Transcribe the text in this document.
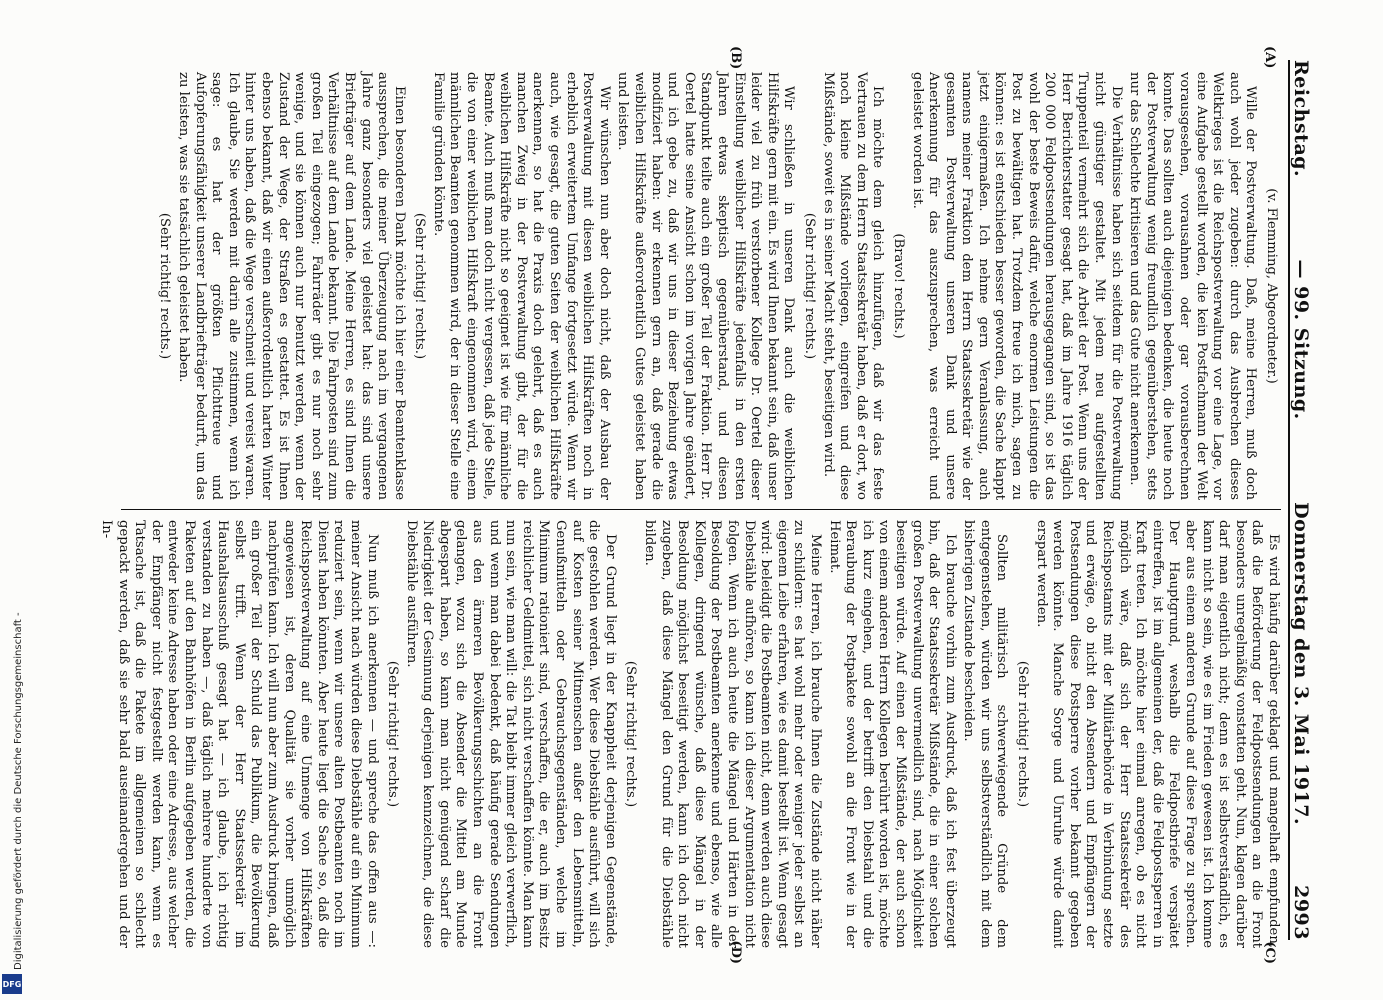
Reichstag.
— 99. Sitzung.
Donnerstag den 3. Mai 1917.
2993
(A)
(B)
(C)
(D)

(v. Flemming, Abgeordneter.)

Wille der Postverwaltung. Daß, meine Herren, muß doch auch wohl jeder zugeben: durch das Ausbrechen dieses Weltkrieges ist die Reichspostverwaltung vor eine Lage, vor eine Aufgabe gestellt worden, die kein Postfachmann der Welt vorausgesehen, vorausahnen oder gar vorausberechnen konnte. Das sollten auch diejenigen bedenken, die heute noch der Postverwaltung wenig freundlich gegenüberstehen, stets nur das Schlechte kritisieren und das Gute nicht anerkennen.

Die Verhältnisse haben sich seitdem für die Postverwaltung nicht günstiger gestaltet. Mit jedem neu aufgestellten Truppenteil vermehrt sich die Arbeit der Post. Wenn uns der Herr Berichterstatter gesagt hat, daß im Jahre 1916 täglich 200 000 Feldpostsendungen herausgegangen sind, so ist das wohl der beste Beweis dafür, welche enormen Leistungen die Post zu bewältigen hat. Trotzdem freue ich mich, sagen zu können: es ist entschieden besser geworden, die Sache klappt jetzt einigermaßen. Ich nehme gern Veranlassung, auch namens meiner Fraktion dem Herrn Staatssekretär wie der gesamten Postverwaltung unseren Dank und unsere Anerkennung für das auszusprechen, was erreicht und geleistet worden ist.

(Bravo! rechts.)

Ich möchte dem gleich hinzufügen, daß wir das feste Vertrauen zu dem Herrn Staatssekretär haben, daß er dort, wo noch kleine Mißstände vorliegen, eingreifen und diese Mißstände, soweit es in seiner Macht steht, beseitigen wird.

(Sehr richtig! rechts.)

Wir schließen in unseren Dank auch die weiblichen Hilfskräfte gern mit ein. Es wird Ihnen bekannt sein, daß unser leider viel zu früh verstorbener Kollege Dr. Oertel dieser Einstellung weiblicher Hilfskräfte jedenfalls in den ersten Jahren etwas skeptisch gegenüberstand, und diesen Standpunkt teilte auch ein großer Teil der Fraktion. Herr Dr. Oertel hatte seine Ansicht schon im vorigen Jahre geändert, und ich gebe zu, daß wir uns in dieser Beziehung etwas modifiziert haben: wir erkennen gern an, daß gerade die weiblichen Hilfskräfte außerordentlich Gutes geleistet haben und leisten.

Wir wünschen nun aber doch nicht, daß der Ausbau der Postverwaltung mit diesen weiblichen Hilfskräften noch in erheblich erweitertem Umfange fortgesetzt würde. Wenn wir auch, wie gesagt, die guten Seiten der weiblichen Hilfskräfte anerkennen, so hat die Praxis doch gelehrt, daß es auch manchen Zweig in der Postverwaltung gibt, der für die weiblichen Hilfskräfte nicht so geeignet ist wie für männliche Beamte. Auch muß man doch nicht vergessen, daß jede Stelle, die von einer weiblichen Hilfskraft eingenommen wird, einem männlichen Beamten genommen wird, der in dieser Stelle eine Familie gründen könnte.

(Sehr richtig! rechts.)

Einen besonderen Dank möchte ich hier einer Beamtenklasse aussprechen, die meiner Überzeugung nach im vergangenen Jahre ganz besonders viel geleistet hat: das sind unsere Briefträger auf dem Lande. Meine Herren, es sind Ihnen die Verhältnisse auf dem Lande bekannt. Die Fahrposten sind zum großen Teil eingezogen; Fahrräder gibt es nur noch sehr wenige, und sie können auch nur benutzt werden, wenn der Zustand der Wege, der Straßen es gestattet. Es ist Ihnen ebenso bekannt, daß wir einen außerordentlich harten Winter hinter uns haben, daß die Wege verschneit und vereist waren. Ich glaube, Sie werden mit darin alle zustimmen, wenn ich sage: es hat der größten Pflichttreue und Aufopferungsfähigkeit unserer Landbriefträger bedurft, um das zu leisten, was sie tatsächlich geleistet haben.

(Sehr richtig! rechts.)

Es wird häufig darüber geklagt und mangelhaft empfunden, daß die Beförderung der Feldpostsendungen an die Front besonders unregelmäßig vonstatten geht. Nun, klagen darüber darf man eigentlich nicht; denn es ist selbstverständlich, es kann nicht so sein, wie es im Frieden gewesen ist. Ich komme aber aus einem anderen Grunde auf diese Frage zu sprechen. Der Hauptgrund, weshalb die Feldpostbriefe verspätet eintreffen, ist im allgemeinen der, daß die Feldpostsperren in Kraft treten. Ich möchte hier einmal anregen, ob es nicht möglich wäre, daß sich der Herr Staatssekretär des Reichspostamts mit der Militärbehörde in Verbindung setzte und erwäge, ob nicht den Absendern und Empfängern der Postsendungen diese Postsperre vorher bekannt gegeben werden könnte. Manche Sorge und Unruhe würde damit erspart werden.

(Sehr richtig! rechts.)

Sollten militärisch schwerwiegende Gründe dem entgegenstehen, würden wir uns selbstverständlich mit dem bisherigen Zustande bescheiden.

Ich brauche vorhin zum Ausdruck, daß ich fest überzeugt bin, daß der Staatssekretär Mißstände, die in einer solchen großen Postverwaltung unvermeidlich sind, nach Möglichkeit beseitigen würde. Auf einen der Mißstände, der auch schon von einem anderen Herrn Kollegen berührt worden ist, möchte ich kurz eingehen, und der betrifft den Diebstahl und die Beraubung der Postpakete sowohl an die Front wie in der Heimat.

Meine Herren, ich brauche Ihnen die Zustände nicht näher zu schildern: es hat wohl mehr oder weniger jeder selbst an eigenem Leibe erfahren, wie es damit bestellt ist. Wenn gesagt wird: beleidigt die Postbeamten nicht, denn werden auch diese Diebstähle aufhören, so kann ich dieser Argumentation nicht folgen. Wenn ich auch heute die Mängel und Härten in der Besoldung der Postbeamten anerkenne und ebenso, wie alle Kollegen, dringend wünsche, daß diese Mängel in der Besoldung möglichst beseitigt werden, kann ich doch nicht zugeben, daß diese Mängel den Grund für die Diebstähle bilden.

(Sehr richtig! rechts.)

Der Grund liegt in der Knappheit derjenigen Gegenstände, die gestohlen werden. Wer diese Diebstähle ausführt, will sich auf Kosten seiner Mitmenschen außer den Lebensmitteln, Genußmitteln oder Gebrauchsgegenständen, welche im Minimum rationiert sind, verschaffen, die er, auch im Besitz reichlicher Geldmittel, sich nicht verschaffen könnte. Man kann nun sein, wie man will: die Tat bleibt immer gleich verwerflich, und wenn man dabei bedenkt, daß häufig gerade Sendungen aus den ärmeren Bevölkerungsschichten an die Front gelangen, wozu sich die Absender die Mittel am Munde abgespart haben, so kann man nicht genügend scharf die Niedrigkeit der Gesinnung derjenigen kennzeichnen, die diese Diebstähle ausführen.

(Sehr richtig! rechts.)

Nun muß ich anerkennen — und spreche das offen aus —: meiner Ansicht nach würden diese Diebstähle auf ein Minimum reduziert sein, wenn wir unsere alten Postbeamten noch im Dienst haben könnten. Aber heute liegt die Sache so, daß die Reichspostverwaltung auf eine Unmenge von Hilfskräften angewiesen ist, deren Qualität sie vorher unmöglich nachprüfen kann. Ich will nun aber zum Ausdruck bringen, daß ein großer Teil der Schuld das Publikum, die Bevölkerung selbst trifft. Wenn der Herr Staatssekretär im Haushaltsausschuß gesagt hat — ich glaube, ich richtig verstanden zu haben —, daß täglich mehrere hunderte von Paketen auf den Bahnhöfen in Berlin aufgegeben werden, die entweder keine Adresse haben oder eine Adresse, aus welcher der Empfänger nicht festgestellt werden kann, wenn es Tatsache ist, daß die Pakete im allgemeinen so schlecht gepackt werden, daß sie sehr bald auseinandergehen und der In-

Digitalisierung gefördert durch die Deutsche Forschungsgemeinschaft -
DFG
